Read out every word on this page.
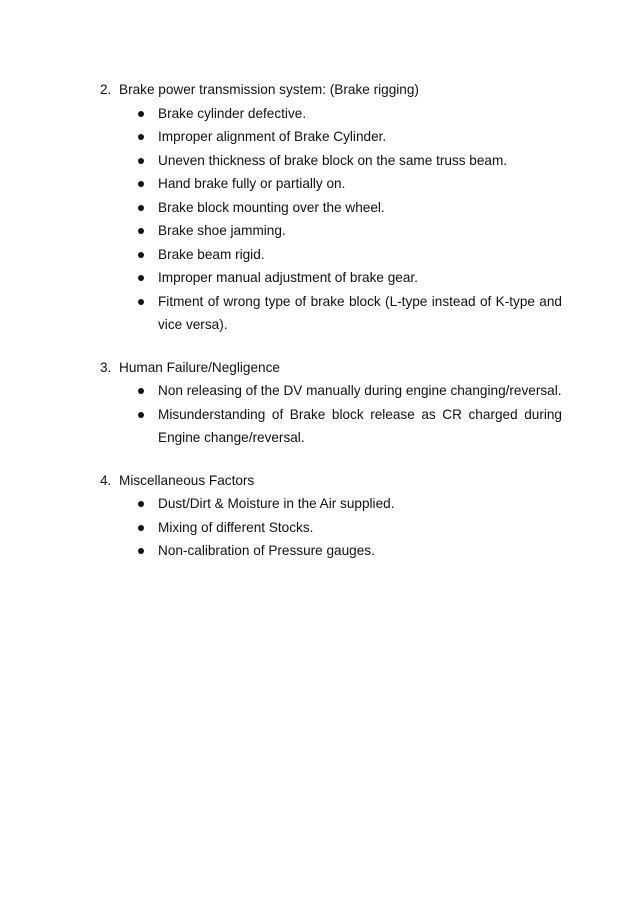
2. Brake power transmission system: (Brake rigging)
Brake cylinder defective.
Improper alignment of Brake Cylinder.
Uneven thickness of brake block on the same truss beam.
Hand brake fully or partially on.
Brake block mounting over the wheel.
Brake shoe jamming.
Brake beam rigid.
Improper manual adjustment of brake gear.
Fitment of wrong type of brake block (L-type instead of K-type and vice versa).
3. Human Failure/Negligence
Non releasing of the DV manually during engine changing/reversal.
Misunderstanding of Brake block release as CR charged during Engine change/reversal.
4. Miscellaneous Factors
Dust/Dirt & Moisture in the Air supplied.
Mixing of different Stocks.
Non-calibration of Pressure gauges.
